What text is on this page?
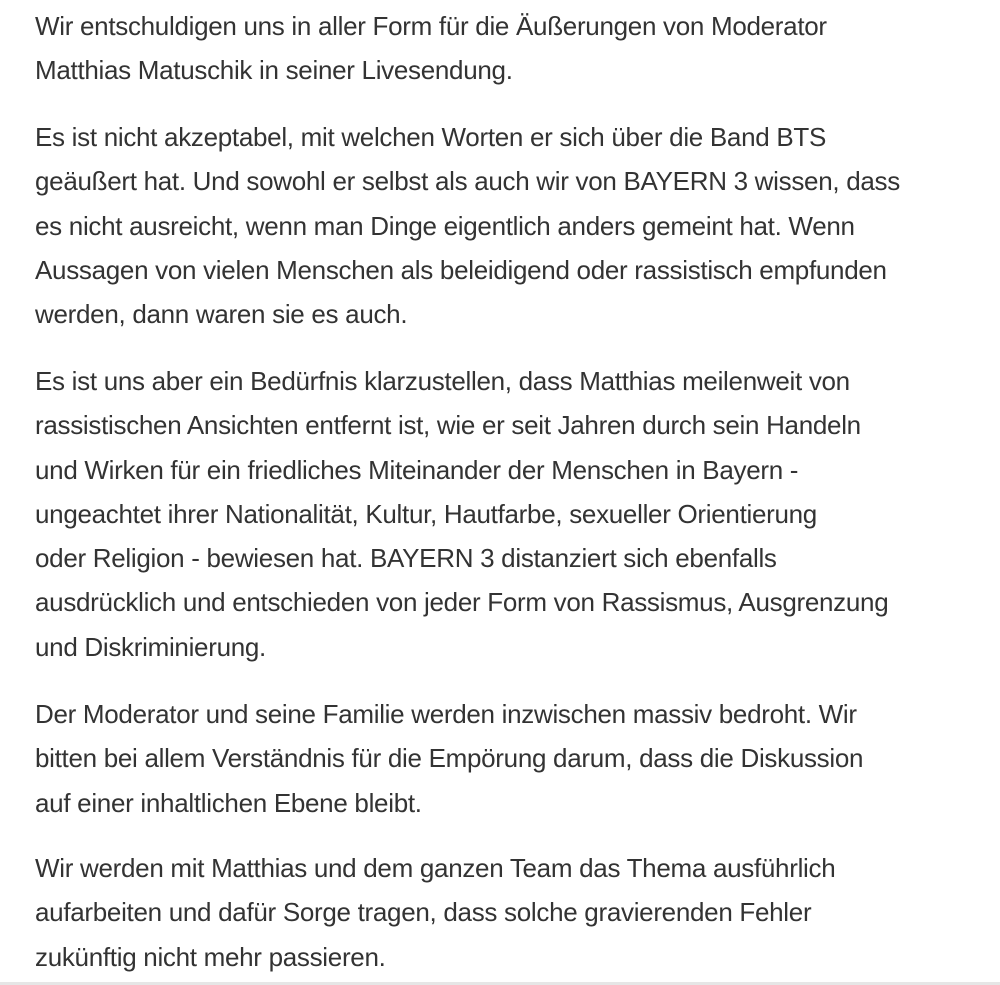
Wir entschuldigen uns in aller Form für die Äußerungen von Moderator
Matthias Matuschik in seiner Livesendung.

Es ist nicht akzeptabel, mit welchen Worten er sich über die Band BTS
geäußert hat. Und sowohl er selbst als auch wir von BAYERN 3 wissen, dass
es nicht ausreicht, wenn man Dinge eigentlich anders gemeint hat. Wenn
Aussagen von vielen Menschen als beleidigend oder rassistisch empfunden
werden, dann waren sie es auch.

Es ist uns aber ein Bedürfnis klarzustellen, dass Matthias meilenweit von
rassistischen Ansichten entfernt ist, wie er seit Jahren durch sein Handeln
und Wirken für ein friedliches Miteinander der Menschen in Bayern -
ungeachtet ihrer Nationalität, Kultur, Hautfarbe, sexueller Orientierung
oder Religion - bewiesen hat. BAYERN 3 distanziert sich ebenfalls
ausdrücklich und entschieden von jeder Form von Rassismus, Ausgrenzung
und Diskriminierung.

Der Moderator und seine Familie werden inzwischen massiv bedroht. Wir
bitten bei allem Verständnis für die Empörung darum, dass die Diskussion
auf einer inhaltlichen Ebene bleibt.

Wir werden mit Matthias und dem ganzen Team das Thema ausführlich
aufarbeiten und dafür Sorge tragen, dass solche gravierenden Fehler
zukünftig nicht mehr passieren.
